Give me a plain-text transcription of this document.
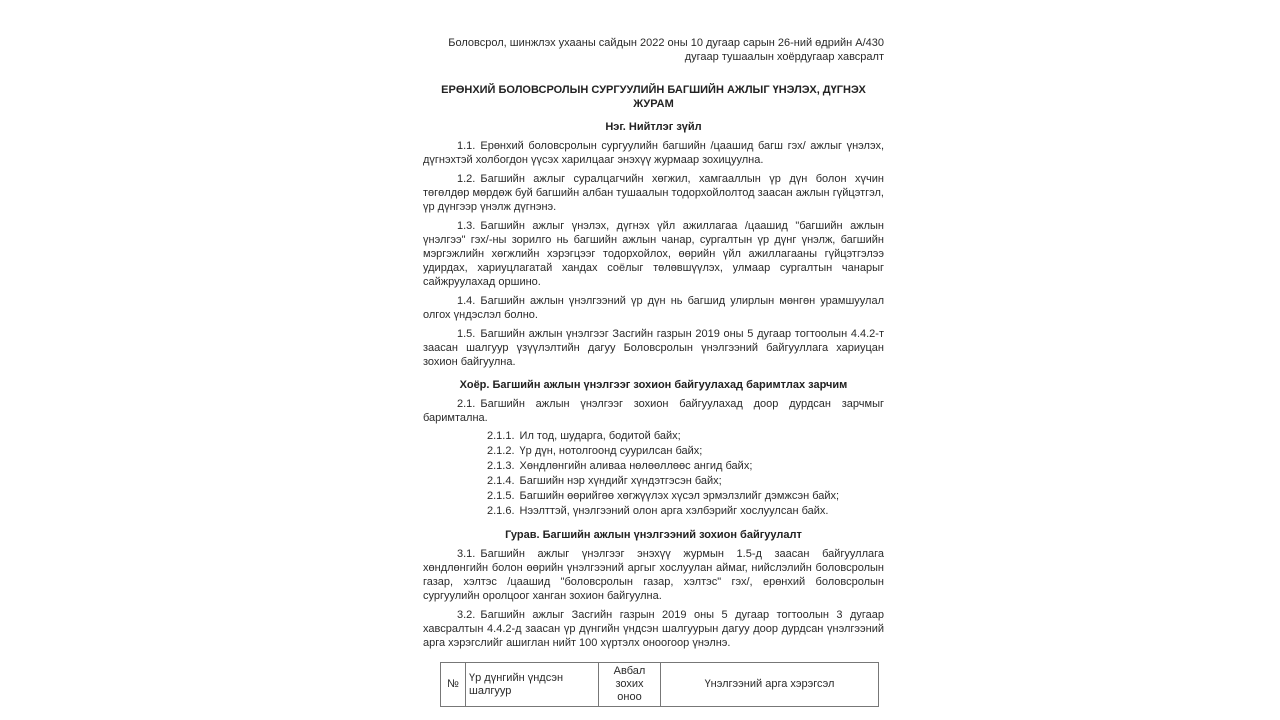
Боловсрол, шинжлэх ухааны сайдын 2022 оны 10 дугаар сарын 26-ний өдрийн А/430
дугаар тушаалын хоёрдугаар хавсралт
ЕРӨНХИЙ БОЛОВСРОЛЫН СУРГУУЛИЙН БАГШИЙН АЖЛЫГ ҮНЭЛЭХ, ДҮГНЭХ
ЖУРАМ
Нэг. Нийтлэг зүйл

1.1. Ерөнхий боловсролын сургуулийн багшийн /цаашид багш гэх/ ажлыг үнэлэх, дүгнэхтэй холбогдон үүсэх харилцааг энэхүү журмаар зохицуулна.

1.2. Багшийн ажлыг суралцагчийн хөгжил, хамгааллын үр дүн болон хүчин төгөлдөр мөрдөж буй багшийн албан тушаалын тодорхойлолтод заасан ажлын гүйцэтгэл, үр дүнгээр үнэлж дүгнэнэ.

1.3. Багшийн ажлыг үнэлэх, дүгнэх үйл ажиллагаа /цаашид "багшийн ажлын үнэлгээ" гэх/-ны зорилго нь багшийн ажлын чанар, сургалтын үр дүнг үнэлж, багшийн мэргэжлийн хөгжлийн хэрэгцээг тодорхойлох, өөрийн үйл ажиллагааны гүйцэтгэлээ удирдах, хариуцлагатай хандах соёлыг төлөвшүүлэх, улмаар сургалтын чанарыг сайжруулахад оршино.

1.4. Багшийн ажлын үнэлгээний үр дүн нь багшид улирлын мөнгөн урамшуулал олгох үндэслэл болно.

1.5. Багшийн ажлын үнэлгээг Засгийн газрын 2019 оны 5 дугаар тогтоолын 4.4.2-т заасан шалгуур үзүүлэлтийн дагуу Боловсролын үнэлгээний байгууллага хариуцан зохион байгуулна.

Хоёр. Багшийн ажлын үнэлгээг зохион байгуулахад баримтлах зарчим

2.1. Багшийн ажлын үнэлгээг зохион байгуулахад доор дурдсан зарчмыг баримтална.

2.1.1. Ил тод, шударга, бодитой байх;
2.1.2. Үр дүн, нотолгоонд суурилсан байх;
2.1.3. Хөндлөнгийн аливаа нөлөөллөөс ангид байх;
2.1.4. Багшийн нэр хүндийг хүндэтгэсэн байх;
2.1.5. Багшийн өөрийгөө хөгжүүлэх хүсэл эрмэлзлийг дэмжсэн байх;
2.1.6. Нээлттэй, үнэлгээний олон арга хэлбэрийг хослуулсан байх.
Гурав. Багшийн ажлын үнэлгээний зохион байгуулалт

3.1. Багшийн ажлыг үнэлгээг энэхүү журмын 1.5-д заасан байгууллага хөндлөнгийн болон өөрийн үнэлгээний аргыг хослуулан аймаг, нийслэлийн боловсролын газар, хэлтэс /цаашид "боловсролын газар, хэлтэс" гэх/, ерөнхий боловсролын сургуулийн оролцоог ханган зохион байгуулна.

3.2. Багшийн ажлыг Засгийн газрын 2019 оны 5 дугаар тогтоолын 3 дугаар хавсралтын 4.4.2-д заасан үр дүнгийн үндсэн шалгуурын дагуу доор дурдсан үнэлгээний арга хэрэгслийг ашиглан нийт 100 хүртэлх оноогоор үнэлнэ.

№	Үр дүнгийн үндсэн шалгуур	Авбал зохих оноо	Үнэлгээний арга хэрэгсэл
